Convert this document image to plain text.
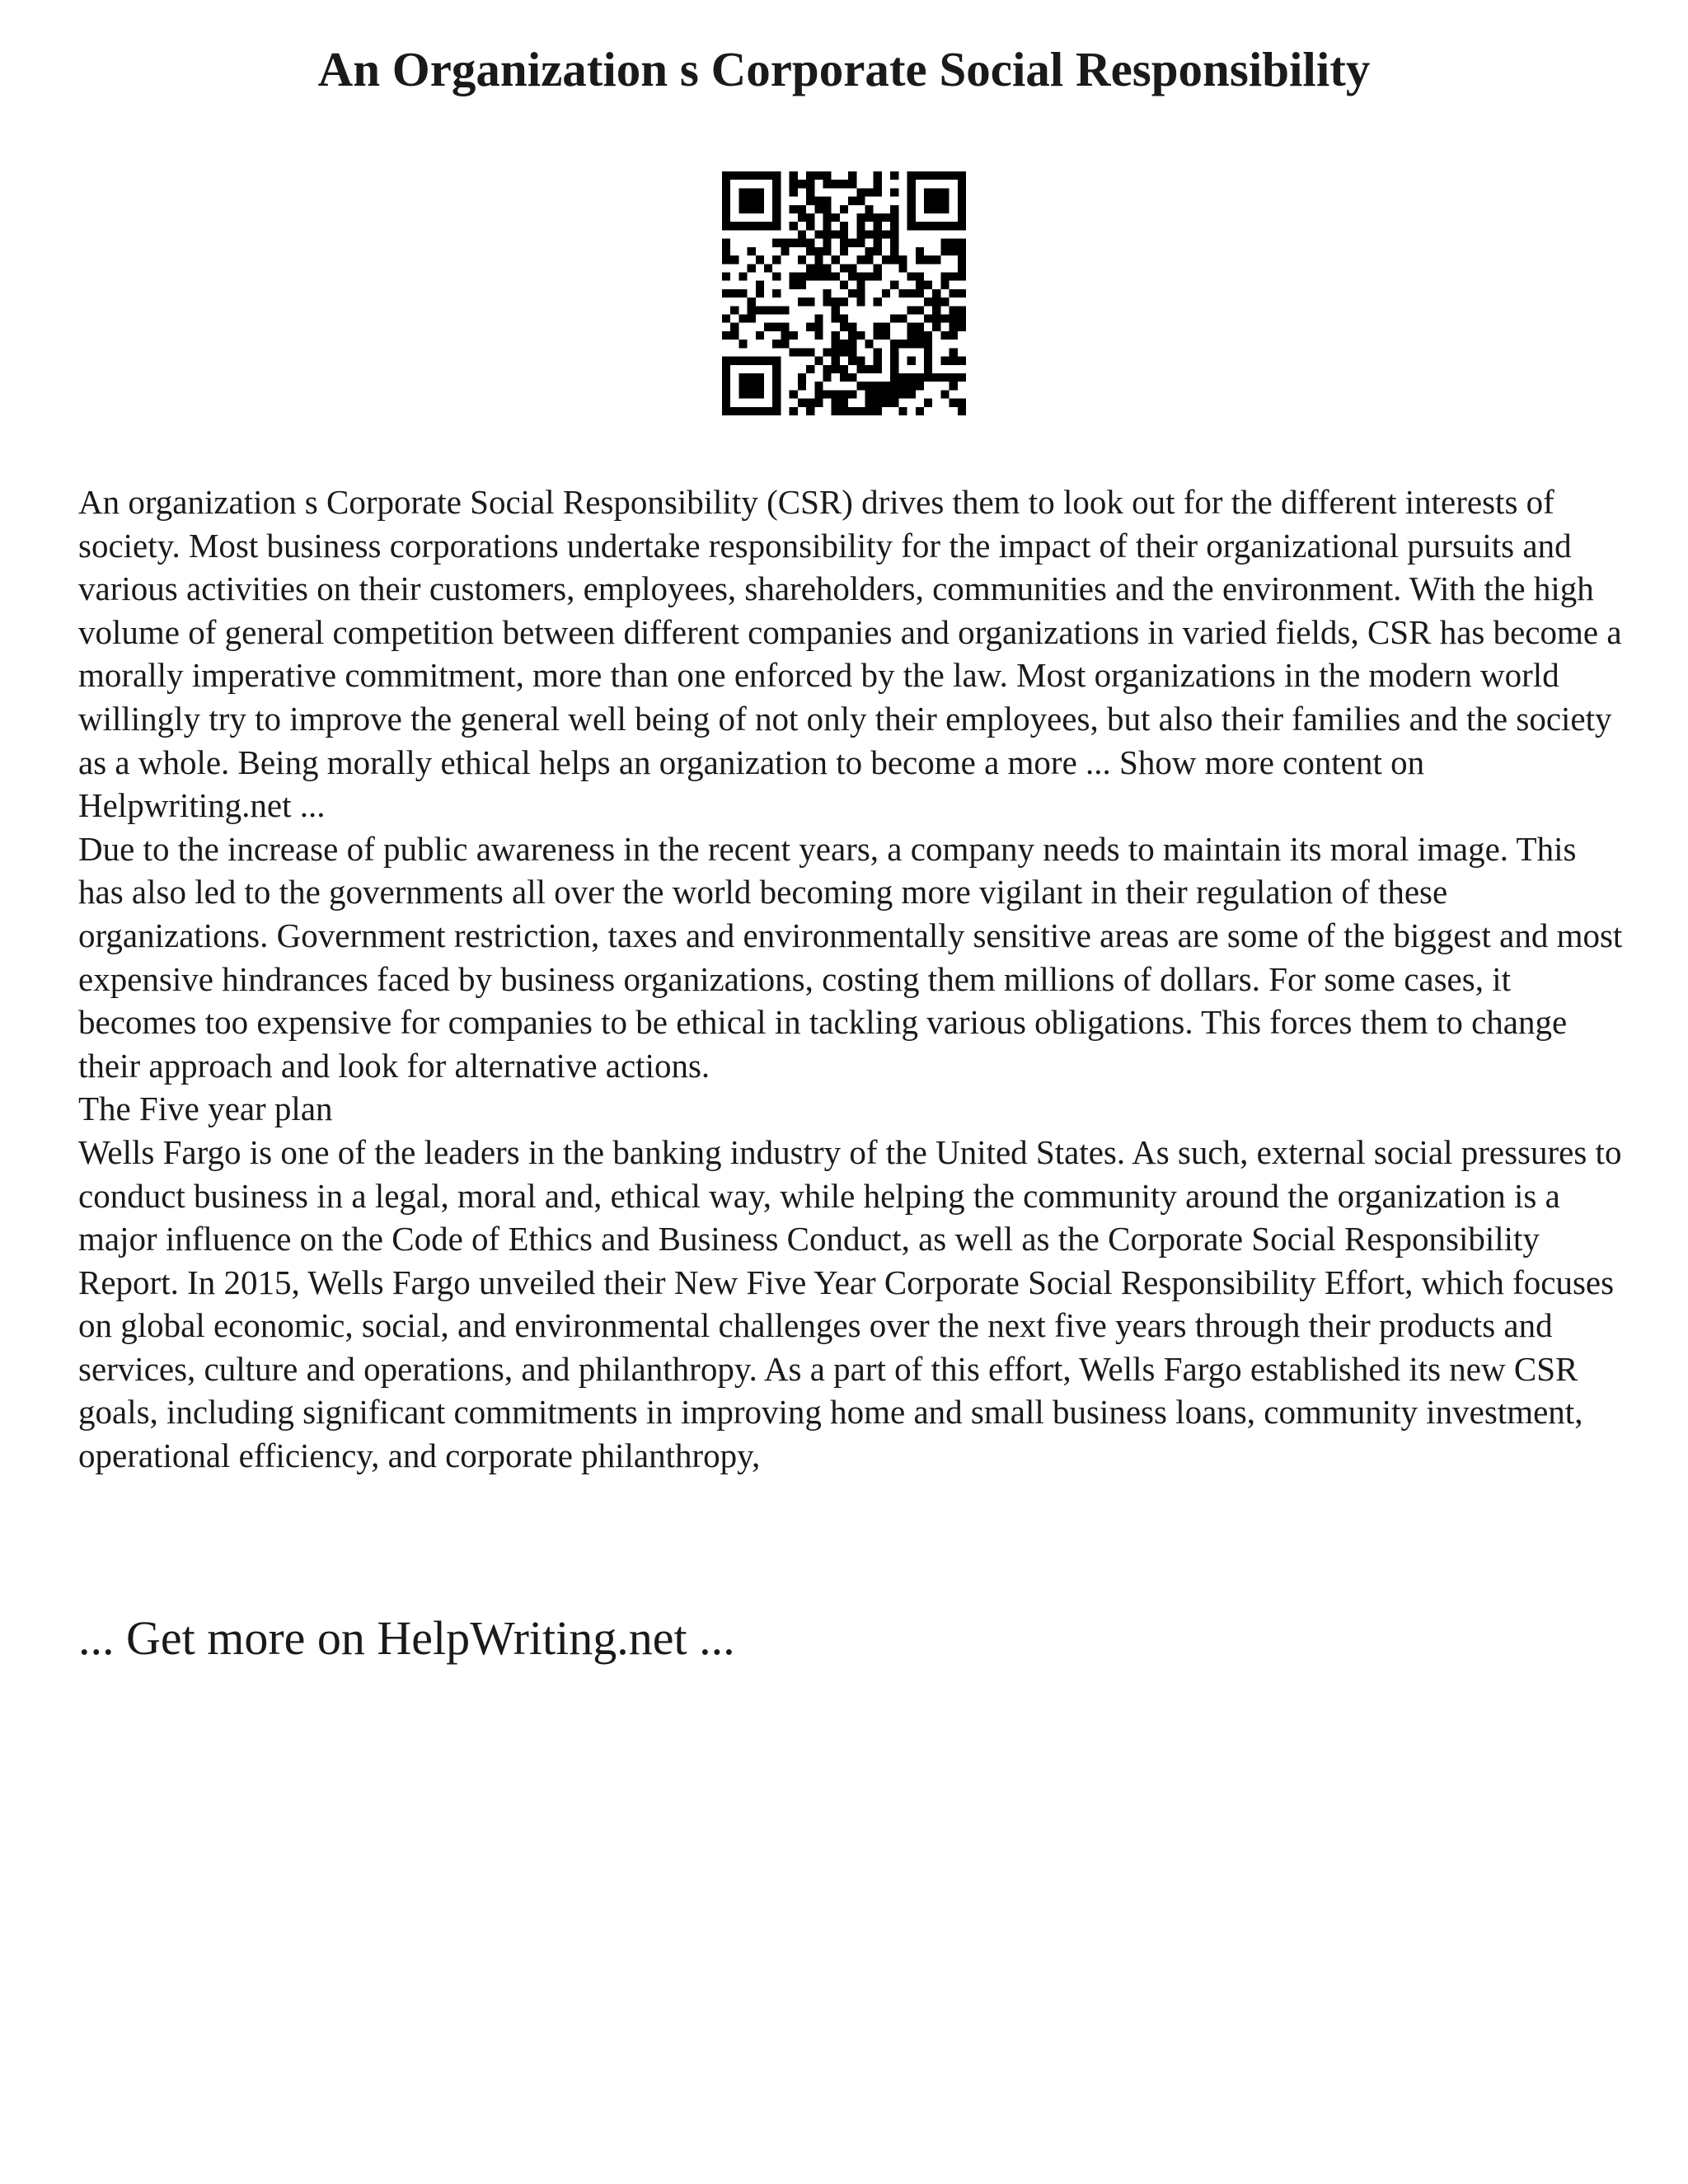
An Organization s Corporate Social Responsibility

An organization s Corporate Social Responsibility (CSR) drives them to look out for the different interests of society. Most business corporations undertake responsibility for the impact of their organizational pursuits and various activities on their customers, employees, shareholders, communities and the environment. With the high volume of general competition between different companies and organizations in varied fields, CSR has become a morally imperative commitment, more than one enforced by the law. Most organizations in the modern world willingly try to improve the general well being of not only their employees, but also their families and the society as a whole. Being morally ethical helps an organization to become a more ... Show more content on Helpwriting.net ...

Due to the increase of public awareness in the recent years, a company needs to maintain its moral image. This has also led to the governments all over the world becoming more vigilant in their regulation of these organizations. Government restriction, taxes and environmentally sensitive areas are some of the biggest and most expensive hindrances faced by business organizations, costing them millions of dollars. For some cases, it becomes too expensive for companies to be ethical in tackling various obligations. This forces them to change their approach and look for alternative actions.

The Five year plan

Wells Fargo is one of the leaders in the banking industry of the United States. As such, external social pressures to conduct business in a legal, moral and, ethical way, while helping the community around the organization is a major influence on the Code of Ethics and Business Conduct, as well as the Corporate Social Responsibility Report. In 2015, Wells Fargo unveiled their New Five Year Corporate Social Responsibility Effort, which focuses on global economic, social, and environmental challenges over the next five years through their products and services, culture and operations, and philanthropy. As a part of this effort, Wells Fargo established its new CSR goals, including significant commitments in improving home and small business loans, community investment, operational efficiency, and corporate philanthropy,

... Get more on HelpWriting.net ...
